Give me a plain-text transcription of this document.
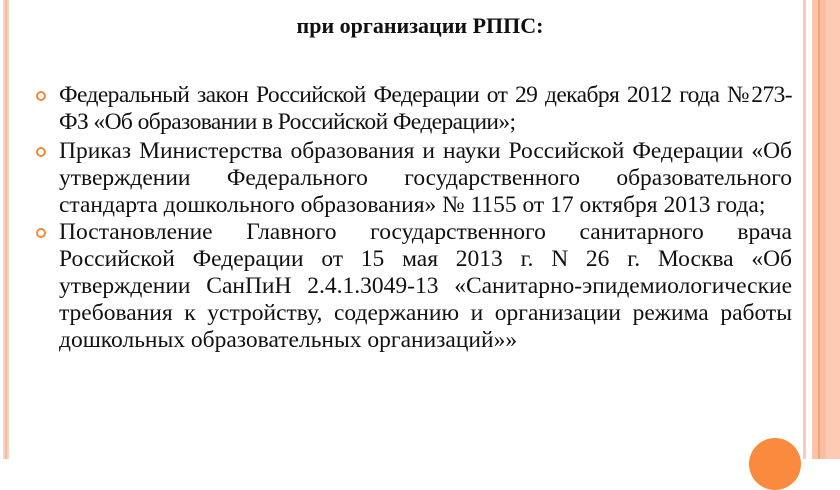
при организации РППС:
Федеральный закон Российской Федерации от 29 декабря 2012 года №273-ФЗ «Об образовании в Российской Федерации»;
Приказ Министерства образования и науки Российской Федерации «Об утверждении Федерального государственного образовательного стандарта дошкольного образования» № 1155 от 17 октября 2013 года;
Постановление Главного государственного санитарного врача Российской Федерации от 15 мая 2013 г. N 26 г. Москва «Об утверждении СанПиН 2.4.1.3049-13 «Санитарно-эпидемиологические требования к устройству, содержанию и организации режима работы дошкольных образовательных организаций»»
